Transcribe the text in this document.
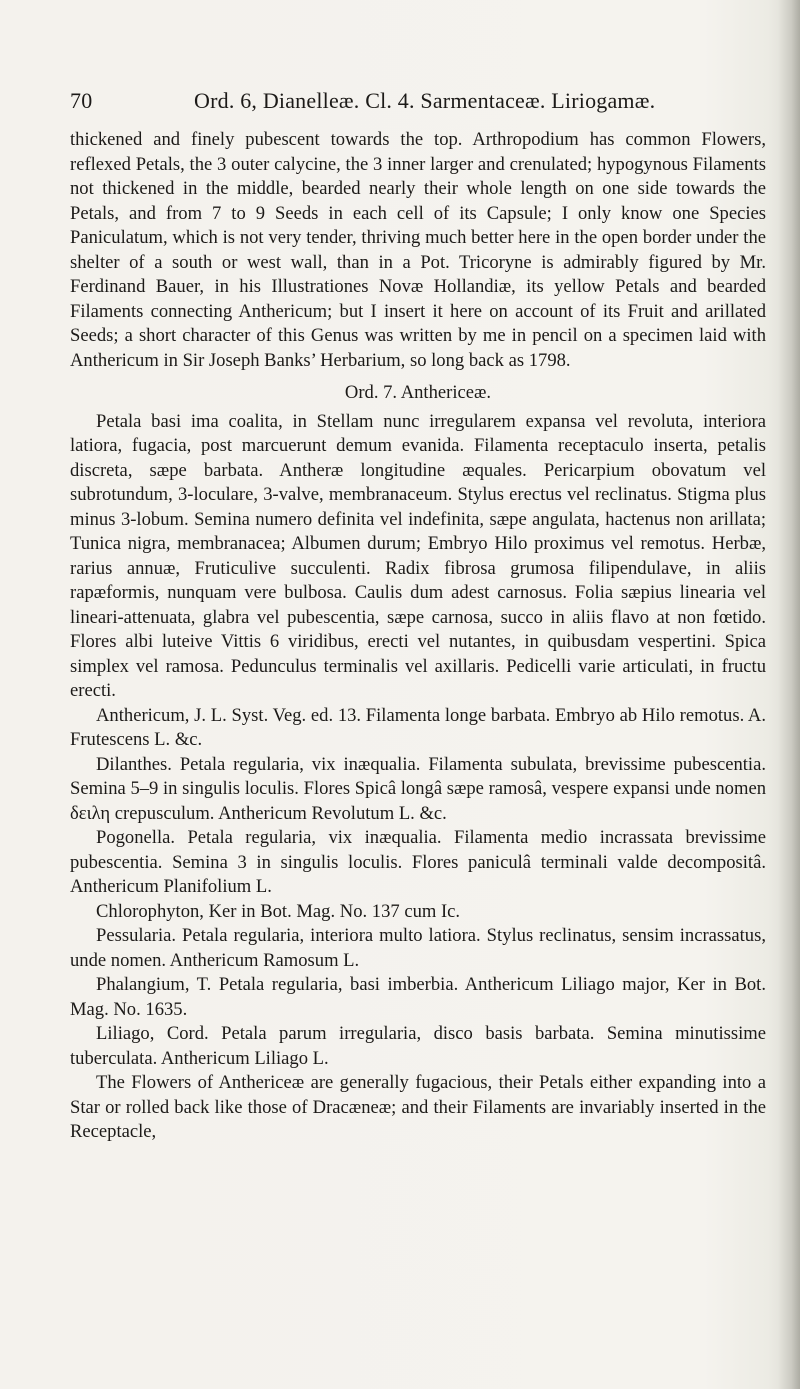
70	Ord. 6, Dianelleæ. Cl. 4. Sarmentaceæ. Liriogamæ.

thickened and finely pubescent towards the top. Arthropodium has common Flowers, reflexed Petals, the 3 outer calycine, the 3 inner larger and crenulated; hypogynous Filaments not thickened in the middle, bearded nearly their whole length on one side towards the Petals, and from 7 to 9 Seeds in each cell of its Capsule; I only know one Species Paniculatum, which is not very tender, thriving much better here in the open border under the shelter of a south or west wall, than in a Pot. Tricoryne is admirably figured by Mr. Ferdinand Bauer, in his Illustrationes Novæ Hollandiæ, its yellow Petals and bearded Filaments connecting Anthericum; but I insert it here on account of its Fruit and arillated Seeds; a short character of this Genus was written by me in pencil on a specimen laid with Anthericum in Sir Joseph Banks’ Herbarium, so long back as 1798.

Ord. 7. Anthericeæ.

Petala basi ima coalita, in Stellam nunc irregularem expansa vel revoluta, interiora latiora, fugacia, post marcuerunt demum evanida. Filamenta receptaculo inserta, petalis discreta, sæpe barbata. Antheræ longitudine æquales. Pericarpium obovatum vel subrotundum, 3-loculare, 3-valve, membranaceum. Stylus erectus vel reclinatus. Stigma plus minus 3-lobum. Semina numero definita vel indefinita, sæpe angulata, hactenus non arillata; Tunica nigra, membranacea; Albumen durum; Embryo Hilo proximus vel remotus. Herbæ, rarius annuæ, Fruticulive succulenti. Radix fibrosa grumosa filipendulave, in aliis rapæformis, nunquam vere bulbosa. Caulis dum adest carnosus. Folia sæpius linearia vel lineari-attenuata, glabra vel pubescentia, sæpe carnosa, succo in aliis flavo at non fœtido. Flores albi luteive Vittis 6 viridibus, erecti vel nutantes, in quibusdam vespertini. Spica simplex vel ramosa. Pedunculus terminalis vel axillaris. Pedicelli varie articulati, in fructu erecti.

Anthericum, J. L. Syst. Veg. ed. 13. Filamenta longe barbata. Embryo ab Hilo remotus. A. Frutescens L. &c.

Dilanthes. Petala regularia, vix inæqualia. Filamenta subulata, brevissime pubescentia. Semina 5–9 in singulis loculis. Flores Spicâ longâ sæpe ramosâ, vespere expansi unde nomen δειλη crepusculum. Anthericum Revolutum L. &c.

Pogonella. Petala regularia, vix inæqualia. Filamenta medio incrassata brevissime pubescentia. Semina 3 in singulis loculis. Flores paniculâ terminali valde decompositâ. Anthericum Planifolium L.

Chlorophyton, Ker in Bot. Mag. No. 137 cum Ic.

Pessularia. Petala regularia, interiora multo latiora. Stylus reclinatus, sensim incrassatus, unde nomen. Anthericum Ramosum L.

Phalangium, T. Petala regularia, basi imberbia. Anthericum Liliago major, Ker in Bot. Mag. No. 1635.

Liliago, Cord. Petala parum irregularia, disco basis barbata. Semina minutissime tuberculata. Anthericum Liliago L.

The Flowers of Anthericeæ are generally fugacious, their Petals either expanding into a Star or rolled back like those of Dracæneæ; and their Filaments are invariably inserted in the Receptacle,
